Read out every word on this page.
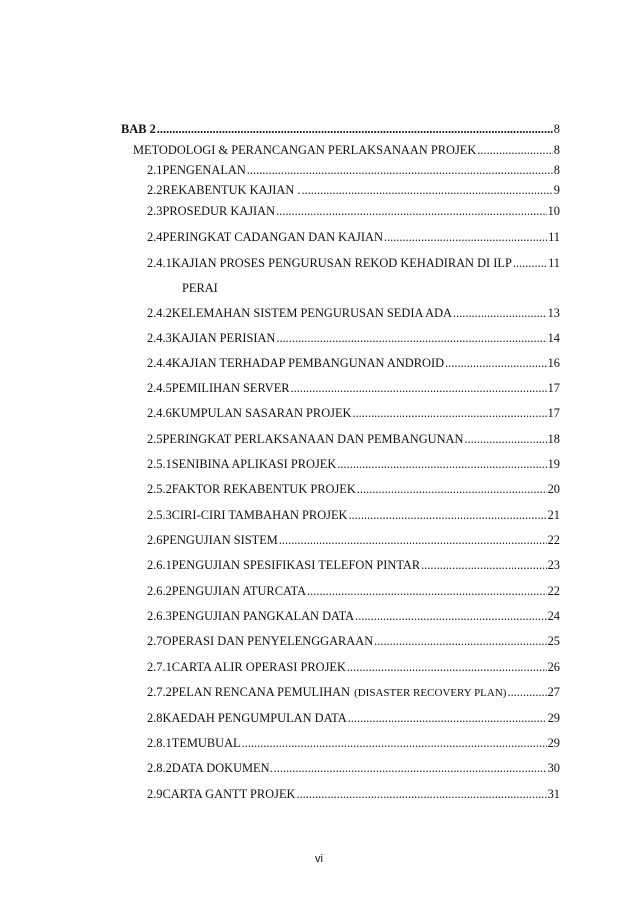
BAB 2 .....	8
METODOLOGI & PERANCANGAN PERLAKSANAAN PROJEK .....	8
2.1 PENGENALAN .....	8
2.2 REKABENTUK KAJIAN . .....	9
2.3 PROSEDUR KAJIAN .....	10
2.4 PERINGKAT CADANGAN DAN KAJIAN .....	11
2.4.1 KAJIAN PROSES PENGURUSAN REKOD KEHADIRAN DI ILP .....	11
PERAI
2.4.2 KELEMAHAN SISTEM PENGURUSAN SEDIA ADA .....	13
2.4.3 KAJIAN PERISIAN .....	14
2.4.4 KAJIAN TERHADAP PEMBANGUNAN ANDROID .....	16
2.4.5 PEMILIHAN SERVER .....	17
2.4.6 KUMPULAN SASARAN PROJEK .....	17
2.5 PERINGKAT PERLAKSANAAN DAN PEMBANGUNAN .....	18
2.5.1 SENIBINA APLIKASI PROJEK .....	19
2.5.2 FAKTOR REKABENTUK PROJEK .....	20
2.5.3 CIRI-CIRI TAMBAHAN PROJEK .....	21
2.6 PENGUJIAN SISTEM .....	22
2.6.1 PENGUJIAN SPESIFIKASI TELEFON PINTAR .....	23
2.6.2 PENGUJIAN ATURCATA .....	22
2.6.3 PENGUJIAN PANGKALAN DATA .....	24
2.7 OPERASI DAN PENYELENGGARAAN .....	25
2.7.1 CARTA ALIR OPERASI PROJEK .....	26
2.7.2 PELAN RENCANA PEMULIHAN (DISASTER RECOVERY PLAN) .....	27
2.8 KAEDAH PENGUMPULAN DATA .....	29
2.8.1 TEMUBUAL .....	29
2.8.2 DATA DOKUMEN. .....	30
2.9 CARTA GANTT PROJEK .....	31
vi
